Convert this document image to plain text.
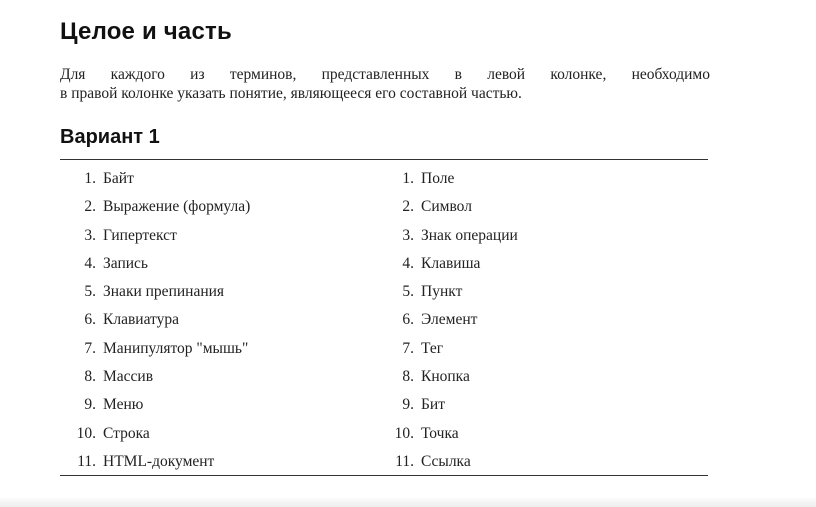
Целое и часть

Для каждого из терминов, представленных в левой колонке, необходимо
в правой колонке указать понятие, являющееся его составной частью.

Вариант 1
1. Байт
2. Выражение (формула)
3. Гипертекст
4. Запись
5. Знаки препинания
6. Клавиатура
7. Манипулятор "мышь"
8. Массив
9. Меню
10. Строка
11. HTML-документ
1. Поле
2. Символ
3. Знак операции
4. Клавиша
5. Пункт
6. Элемент
7. Тег
8. Кнопка
9. Бит
10. Точка
11. Ссылка
